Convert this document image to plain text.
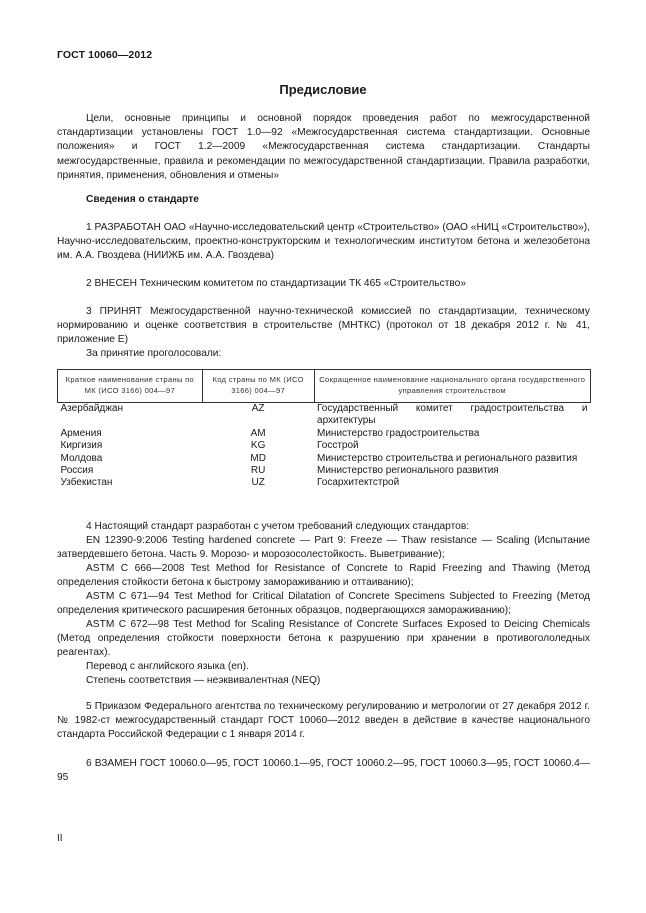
ГОСТ 10060—2012
Предисловие

Цели, основные принципы и основной порядок проведения работ по межгосударственной стандартизации установлены ГОСТ 1.0—92 «Межгосударственная система стандартизации. Основные положения» и ГОСТ 1.2—2009 «Межгосударственная система стандартизации. Стандарты межгосударственные, правила и рекомендации по межгосударственной стандартизации. Правила разработки, принятия, применения, обновления и отмены»

Сведения о стандарте

1 РАЗРАБОТАН ОАО «Научно-исследовательский центр «Строительство» (ОАО «НИЦ «Строительство»), Научно-исследовательским, проектно-конструкторским и технологическим институтом бетона и железобетона им. А.А. Гвоздева (НИИЖБ им. А.А. Гвоздева)

2 ВНЕСЕН Техническим комитетом по стандартизации ТК 465 «Строительство»

3 ПРИНЯТ Межгосударственной научно-технической комиссией по стандартизации, техническому нормированию и оценке соответствия в строительстве (МНТКС) (протокол от 18 декабря 2012 г. № 41, приложение Е)

За принятие проголосовали:

Краткое наименование страны по МК (ИСО 3166) 004—97	Код страны по МК (ИСО 3166) 004—97	Сокращенное наименование национального органа государственного управления строительством
Азербайджан	AZ	Государственный комитет градостроительства и архитектуры
Армения	AM	Министерство градостроительства
Киргизия	KG	Госстрой
Молдова	MD	Министерство строительства и регионального развития
Россия	RU	Министерство регионального развития
Узбекистан	UZ	Госархитектстрой

4 Настоящий стандарт разработан с учетом требований следующих стандартов:

EN 12390-9:2006 Testing hardened concrete — Part 9: Freeze — Thaw resistance — Scaling (Испытание затвердевшего бетона. Часть 9. Морозо- и морозосолестойкость. Выветривание);

ASTM C 666—2008 Test Method for Resistance of Concrete to Rapid Freezing and Thawing (Метод определения стойкости бетона к быстрому замораживанию и оттаиванию);

ASTM C 671—94 Test Method for Critical Dilatation of Concrete Specimens Subjected to Freezing (Метод определения критического расширения бетонных образцов, подвергающихся замораживанию);

ASTM C 672—98 Test Method for Scaling Resistance of Concrete Surfaces Exposed to Deicing Chemicals (Метод определения стойкости поверхности бетона к разрушению при хранении в противогололедных реагентах).

Перевод с английского языка (en).

Степень соответствия — неэквивалентная (NEQ)

5 Приказом Федерального агентства по техническому регулированию и метрологии от 27 декабря 2012 г. № 1982-ст межгосударственный стандарт ГОСТ 10060—2012 введен в действие в качестве национального стандарта Российской Федерации с 1 января 2014 г.

6 ВЗАМЕН ГОСТ 10060.0—95, ГОСТ 10060.1—95, ГОСТ 10060.2—95, ГОСТ 10060.3—95, ГОСТ 10060.4—95

II
